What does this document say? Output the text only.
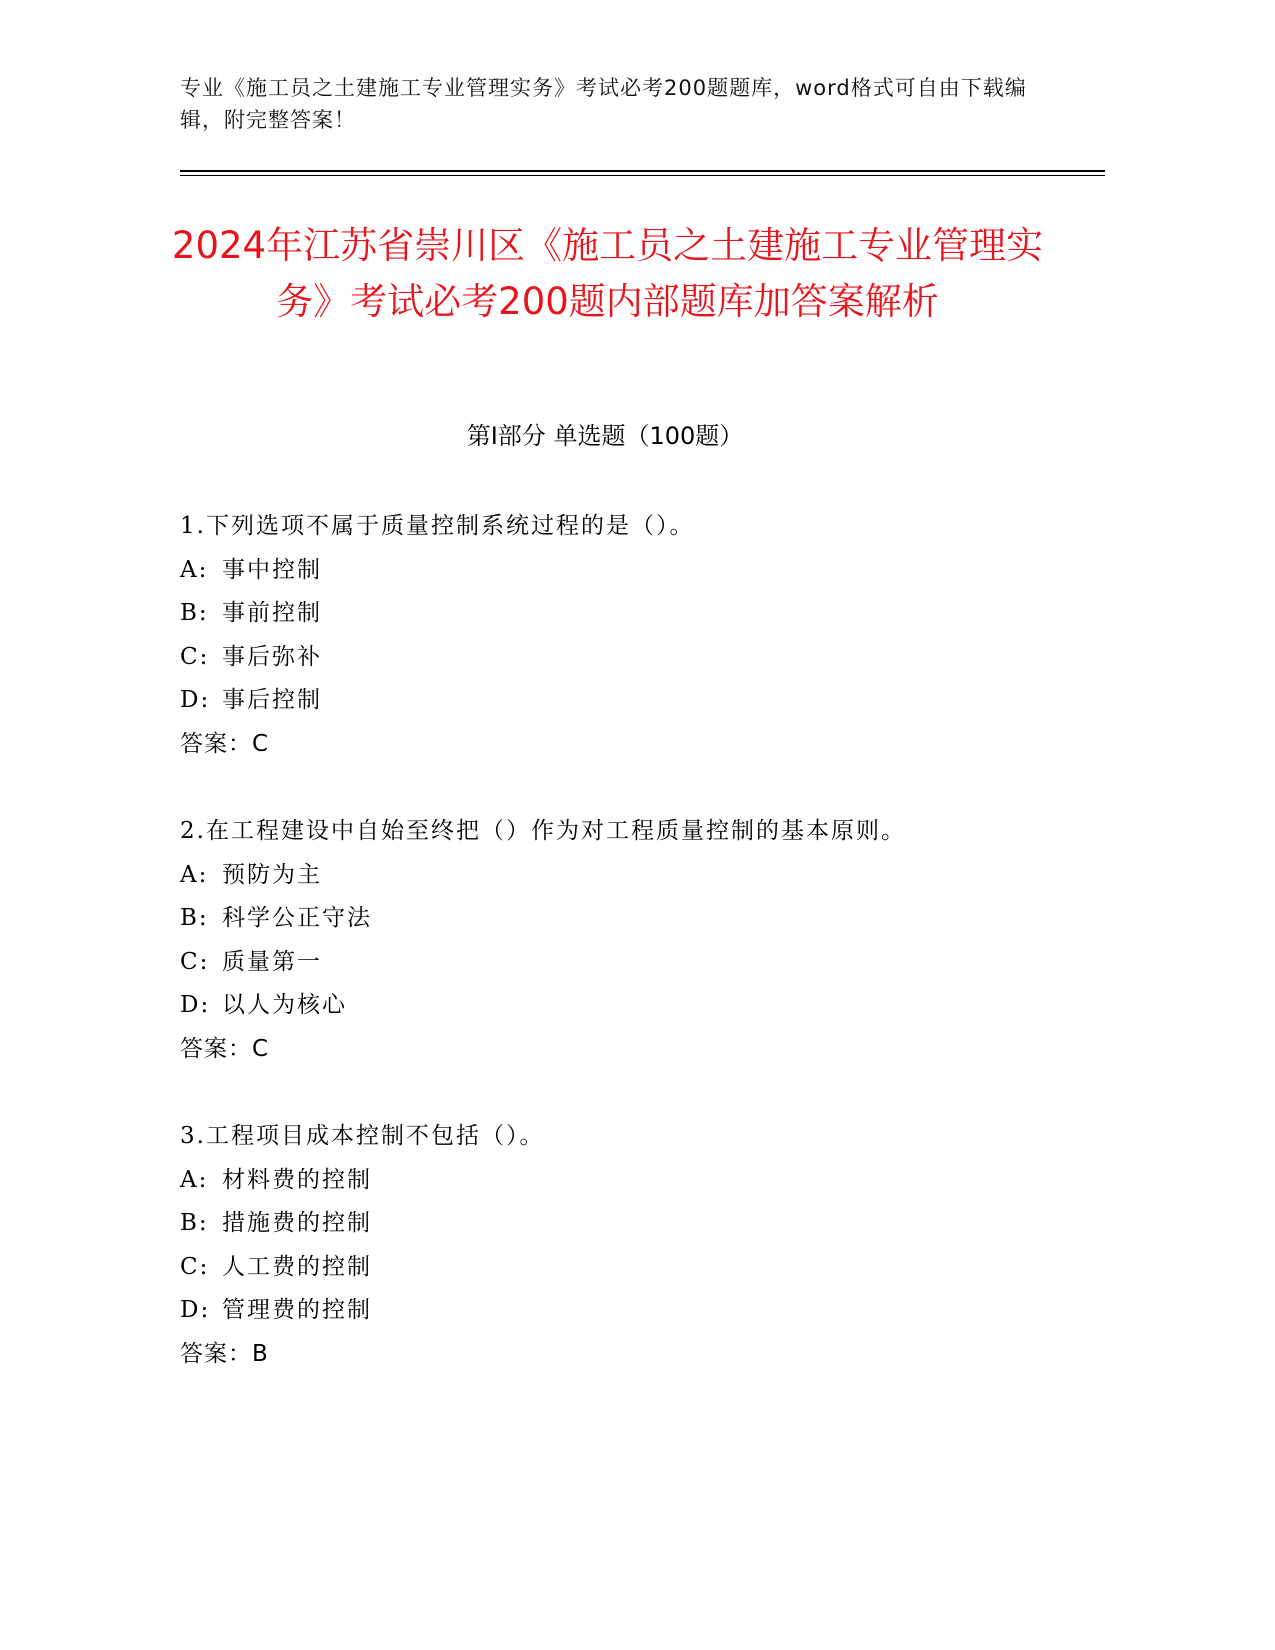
专业《施工员之土建施工专业管理实务》考试必考200题题库，word格式可自由下载编辑，附完整答案！
2024年江苏省崇川区《施工员之土建施工专业管理实务》考试必考200题内部题库加答案解析
第Ⅰ部分 单选题（100题）
1.下列选项不属于质量控制系统过程的是（）。
A: 事中控制
B: 事前控制
C: 事后弥补
D: 事后控制
答案：C
2.在工程建设中自始至终把（）作为对工程质量控制的基本原则。
A: 预防为主
B: 科学公正守法
C: 质量第一
D: 以人为核心
答案：C
3.工程项目成本控制不包括（）。
A: 材料费的控制
B: 措施费的控制
C: 人工费的控制
D: 管理费的控制
答案：B
